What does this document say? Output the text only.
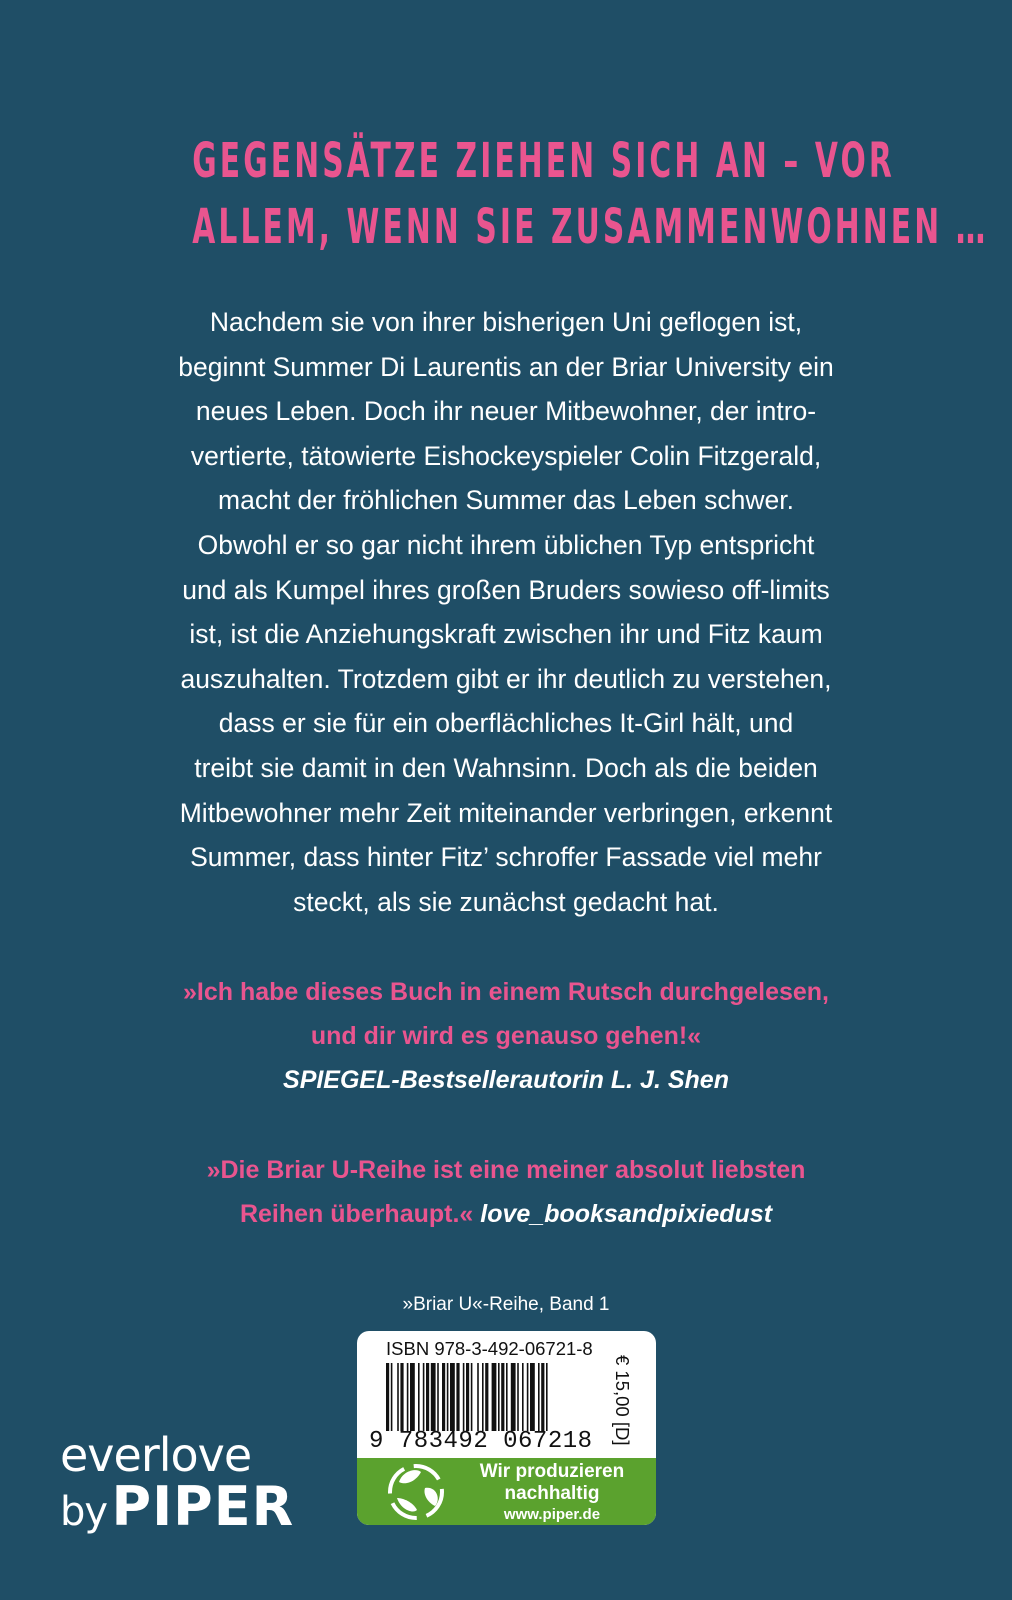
GEGENSÄTZE ZIEHEN SICH AN – VOR
ALLEM, WENN SIE ZUSAMMENWOHNEN …
Nachdem sie von ihrer bisherigen Uni geflogen ist,
beginnt Summer Di Laurentis an der Briar University ein
neues Leben. Doch ihr neuer Mitbewohner, der intro-
vertierte, tätowierte Eishockeyspieler Colin Fitzgerald,
macht der fröhlichen Summer das Leben schwer.
Obwohl er so gar nicht ihrem üblichen Typ entspricht
und als Kumpel ihres großen Bruders sowieso off-limits
ist, ist die Anziehungskraft zwischen ihr und Fitz kaum
auszuhalten. Trotzdem gibt er ihr deutlich zu verstehen,
dass er sie für ein oberflächliches It-Girl hält, und
treibt sie damit in den Wahnsinn. Doch als die beiden
Mitbewohner mehr Zeit miteinander verbringen, erkennt
Summer, dass hinter Fitz’ schroffer Fassade viel mehr
steckt, als sie zunächst gedacht hat.
»Ich habe dieses Buch in einem Rutsch durchgelesen,
und dir wird es genauso gehen!«
SPIEGEL-Bestsellerautorin L. J. Shen
»Die Briar U-Reihe ist eine meiner absolut liebsten
Reihen überhaupt.« love_booksandpixiedust
»Briar U«-Reihe, Band 1
ISBN 978-3-492-06721-8
9 783492 067218 € 15,00 [D]
Wir produzieren
nachhaltig
www.piper.de
everlove
by PIPER
